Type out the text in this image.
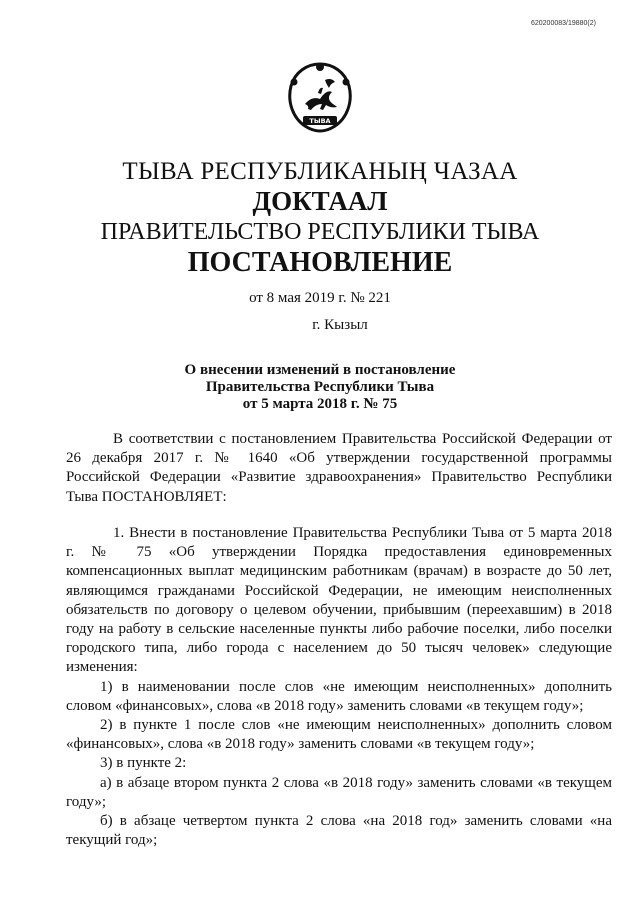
620200083/19880(2)
ТЫВА
ТЫВА РЕСПУБЛИКАНЫҢ ЧАЗАА
ДОКТААЛ
ПРАВИТЕЛЬСТВО РЕСПУБЛИКИ ТЫВА
ПОСТАНОВЛЕНИЕ
от 8 мая 2019 г. № 221
г. Кызыл
О внесении изменений в постановление
Правительства Республики Тыва
от 5 марта 2018 г. № 75

В соответствии с постановлением Правительства Российской Федерации от 26 декабря 2017 г. № 1640 «Об утверждении государственной программы Российской Федерации «Развитие здравоохранения» Правительство Республики Тыва ПОСТАНОВЛЯЕТ:

1. Внести в постановление Правительства Республики Тыва от 5 марта 2018 г. № 75 «Об утверждении Порядка предоставления единовременных компенсационных выплат медицинским работникам (врачам) в возрасте до 50 лет, являющимся гражданами Российской Федерации, не имеющим неисполненных обязательств по договору о целевом обучении, прибывшим (переехавшим) в 2018 году на работу в сельские населенные пункты либо рабочие поселки, либо поселки городского типа, либо города с населением до 50 тысяч человек» следующие изменения:

1) в наименовании после слов «не имеющим неисполненных» дополнить словом «финансовых», слова «в 2018 году» заменить словами «в текущем году»;

2) в пункте 1 после слов «не имеющим неисполненных» дополнить словом «финансовых», слова «в 2018 году» заменить словами «в текущем году»;

3) в пункте 2:

а) в абзаце втором пункта 2 слова «в 2018 году» заменить словами «в текущем году»;

б) в абзаце четвертом пункта 2 слова «на 2018 год» заменить словами «на текущий год»;
